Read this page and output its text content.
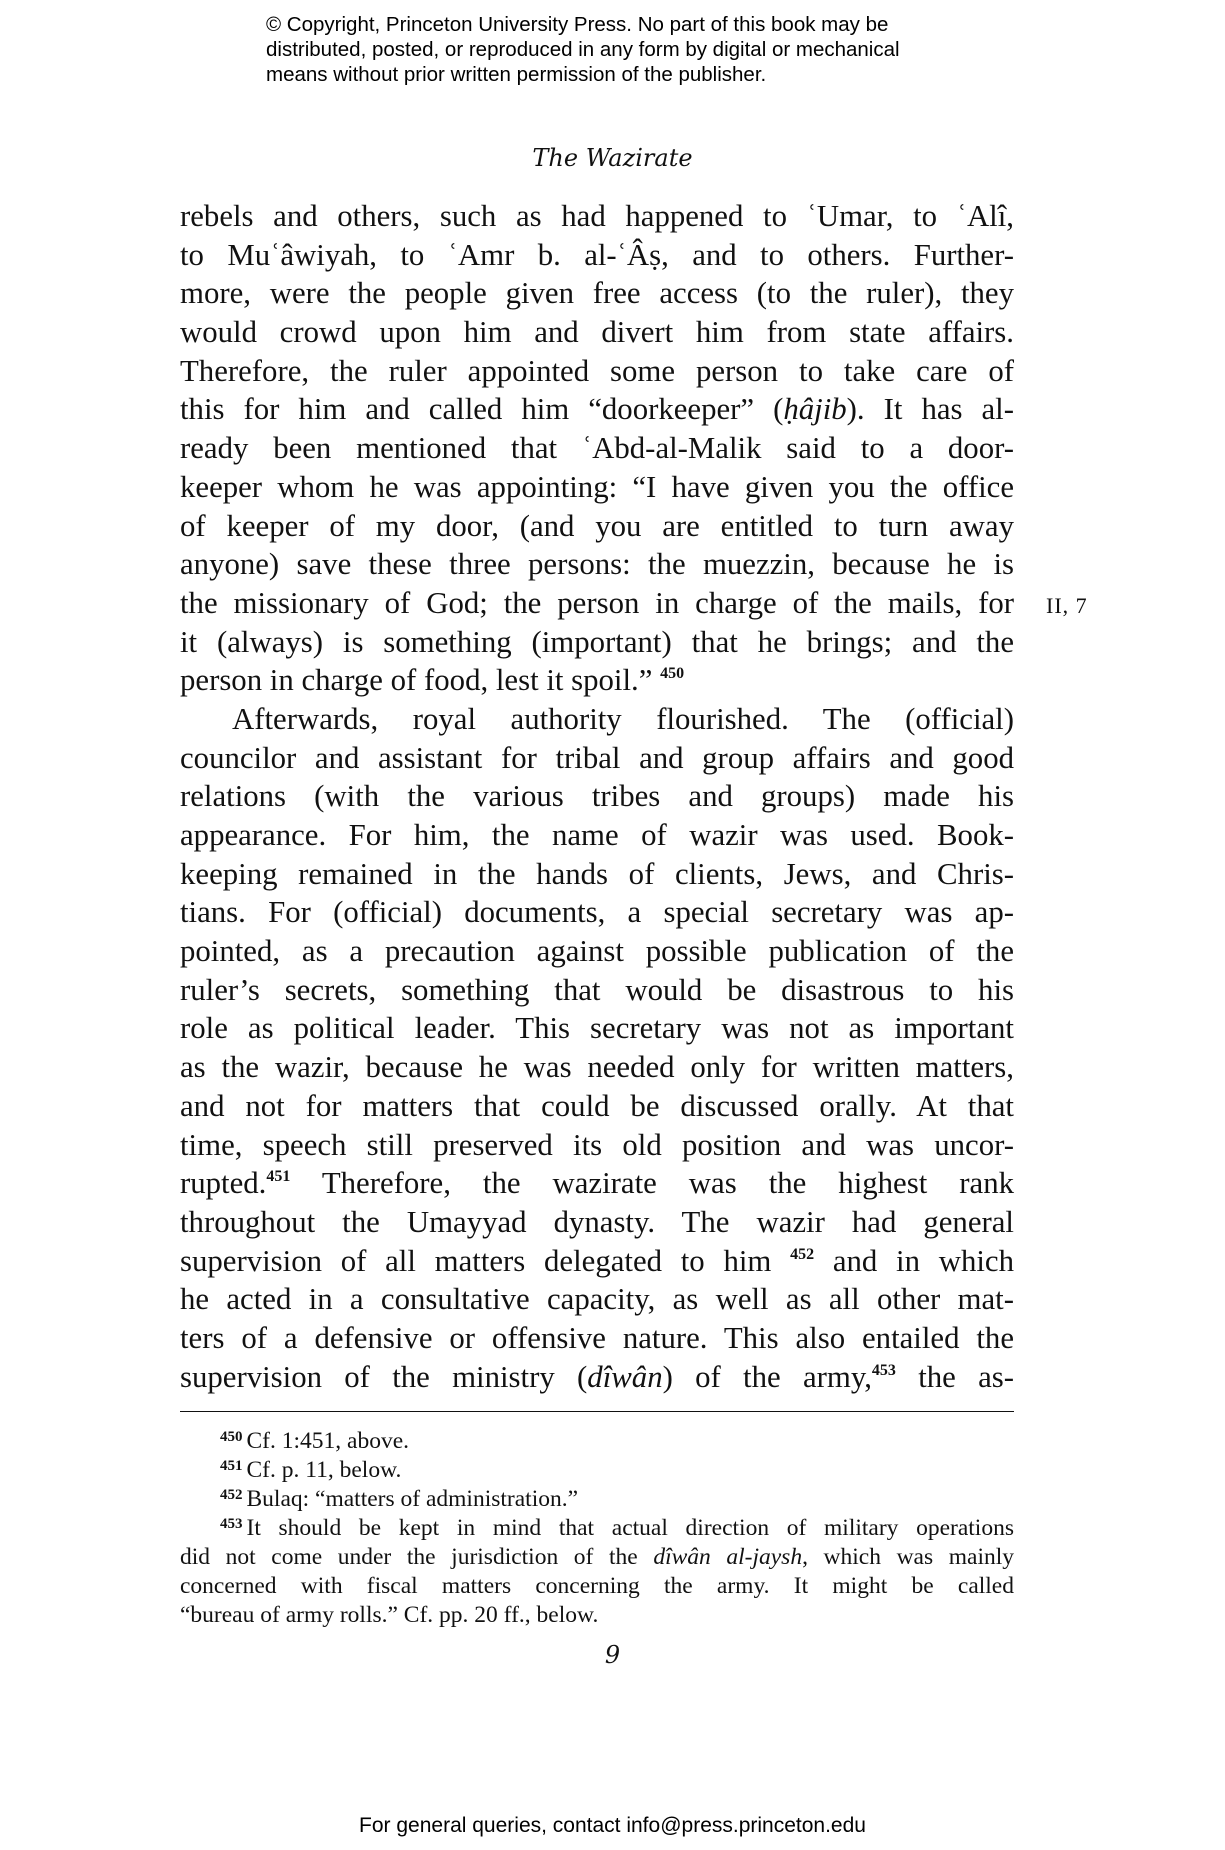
© Copyright, Princeton University Press. No part of this book may be
distributed, posted, or reproduced in any form by digital or mechanical
means without prior written permission of the publisher.
The Wazirate
rebels and others, such as had happened to ʿUmar, to ʿAlî,
to Muʿâwiyah, to ʿAmr b. al-ʿÂṣ, and to others. Further-
more, were the people given free access (to the ruler), they
would crowd upon him and divert him from state affairs.
Therefore, the ruler appointed some person to take care of
this for him and called him “doorkeeper” (ḥâjib). It has al-
ready been mentioned that ʿAbd-al-Malik said to a door-
keeper whom he was appointing: “I have given you the office
of keeper of my door, (and you are entitled to turn away
anyone) save these three persons: the muezzin, because he is
the missionary of God; the person in charge of the mails, for
it (always) is something (important) that he brings; and the
person in charge of food, lest it spoil.” $^{450}$
Afterwards, royal authority flourished. The (official)
councilor and assistant for tribal and group affairs and good
relations (with the various tribes and groups) made his
appearance. For him, the name of wazir was used. Book-
keeping remained in the hands of clients, Jews, and Chris-
tians. For (official) documents, a special secretary was ap-
pointed, as a precaution against possible publication of the
ruler’s secrets, something that would be disastrous to his
role as political leader. This secretary was not as important
as the wazir, because he was needed only for written matters,
and not for matters that could be discussed orally. At that
time, speech still preserved its old position and was uncor-
rupted.$^{451}$ Therefore, the wazirate was the highest rank
throughout the Umayyad dynasty. The wazir had general
supervision of all matters delegated to him $^{452}$ and in which
he acted in a consultative capacity, as well as all other mat-
ters of a defensive or offensive nature. This also entailed the
supervision of the ministry (dîwân) of the army,$^{453}$ the as-
II, 7
$^{450}$ Cf. 1:451, above.
$^{451}$ Cf. p. 11, below.
$^{452}$ Bulaq: “matters of administration.”
$^{453}$ It should be kept in mind that actual direction of military operations
did not come under the jurisdiction of the dîwân al-jaysh, which was mainly
concerned with fiscal matters concerning the army. It might be called
“bureau of army rolls.” Cf. pp. 20 ff., below.
9
For general queries, contact info@press.princeton.edu
